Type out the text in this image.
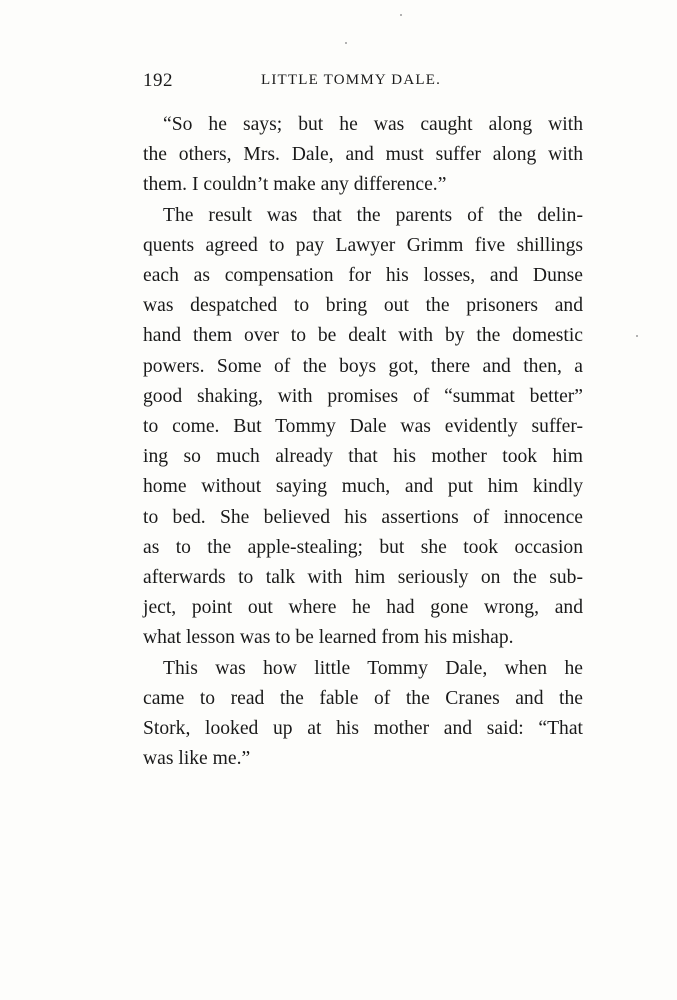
192	LITTLE TOMMY DALE.

“So he says; but he was caught along with
the others, Mrs. Dale, and must suffer along with
them. I couldn’t make any difference.”

The result was that the parents of the delin-
quents agreed to pay Lawyer Grimm five shillings
each as compensation for his losses, and Dunse
was despatched to bring out the prisoners and
hand them over to be dealt with by the domestic
powers. Some of the boys got, there and then, a
good shaking, with promises of “summat better”
to come. But Tommy Dale was evidently suffer-
ing so much already that his mother took him
home without saying much, and put him kindly
to bed. She believed his assertions of innocence
as to the apple-stealing; but she took occasion
afterwards to talk with him seriously on the sub-
ject, point out where he had gone wrong, and
what lesson was to be learned from his mishap.

This was how little Tommy Dale, when he
came to read the fable of the Cranes and the
Stork, looked up at his mother and said: “That
was like me.”
